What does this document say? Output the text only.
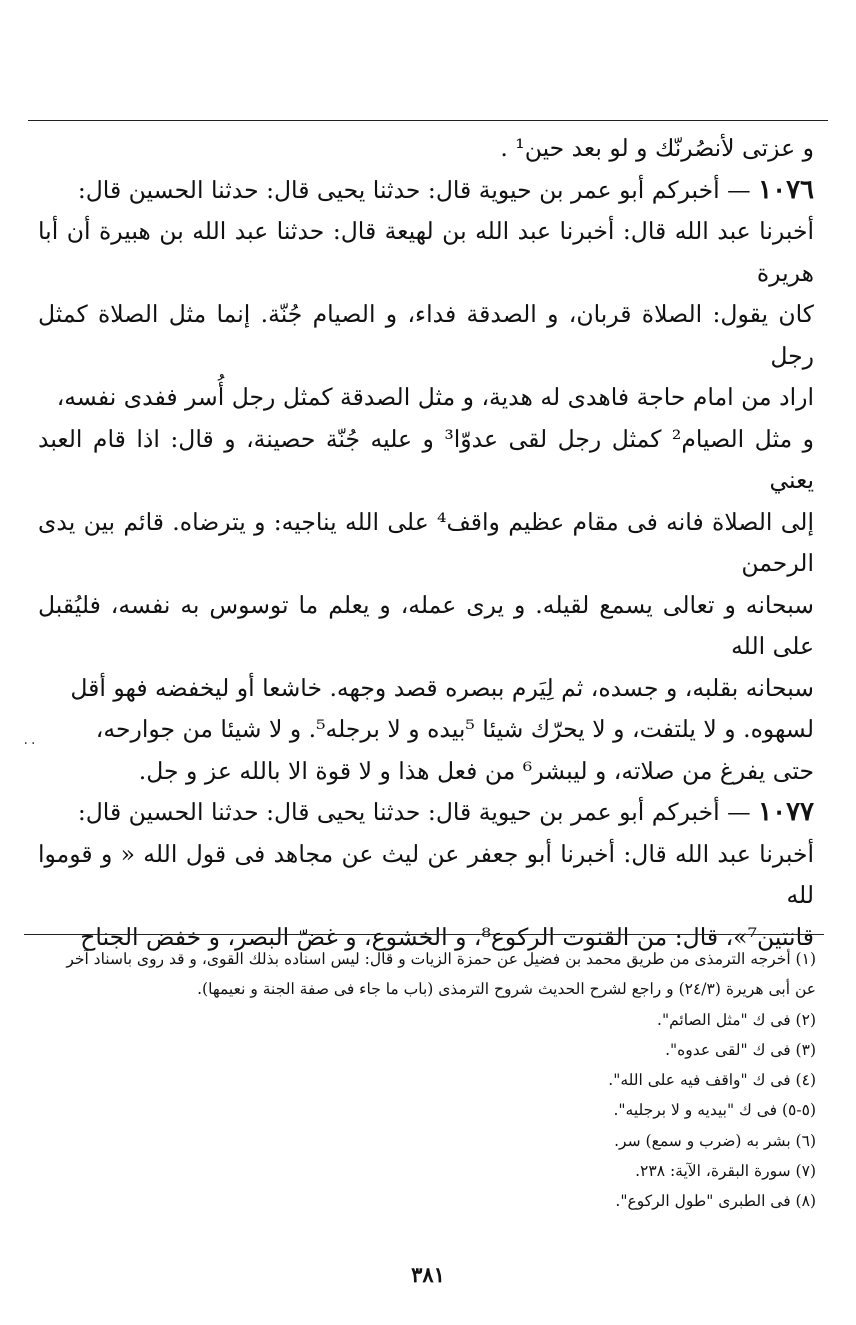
و عزتی لأنصُرنّك و لو بعد حين¹ .

١٠٧٦ — أخبركم أبو عمر بن حيوية قال: حدثنا يحيى قال: حدثنا الحسين قال:

أخبرنا عبد الله قال: أخبرنا عبد الله بن لهيعة قال: حدثنا عبد الله بن هبيرة أن أبا هريرة

كان يقول: الصلاة قربان، و الصدقة فداء، و الصيام جُنّة. إنما مثل الصلاة كمثل رجل

اراد من امام حاجة فاهدى له هدية، و مثل الصدقة كمثل رجل أُسر ففدى نفسه،

و مثل الصيام² كمثل رجل لقى عدوّا³ و عليه جُنّة حصينة، و قال: اذا قام العبد يعني

إلى الصلاة فانه فى مقام عظيم واقف⁴ على الله يناجيه: و يترضاه. قائم بين يدى الرحمن

سبحانه و تعالى يسمع لقيله. و يرى عمله، و يعلم ما توسوس به نفسه، فليُقبل على الله

سبحانه بقلبه، و جسده، ثم لِيَرم ببصره قصد وجهه. خاشعا أو ليخفضه فهو أقل

لسهوه. و لا يلتفت، و لا يحرّك شيئا ⁵بيده و لا برجله⁵. و لا شيئا من جوارحه،

حتى يفرغ من صلاته، و ليبشر⁶ من فعل هذا و لا قوة الا بالله عز و جل.

١٠٧٧ — أخبركم أبو عمر بن حيوية قال: حدثنا يحيى قال: حدثنا الحسين قال:

أخبرنا عبد الله قال: أخبرنا أبو جعفر عن ليث عن مجاهد فى قول الله « و قوموا لله

قانتين⁷»، قال: من القنوت الركوع⁸، و الخشوع، و غضّ البصر، و خفض الجناح

٠٠

(١) أخرجه الترمذى من طريق محمد بن فضيل عن حمزة الزيات و قال: ليس اسناده بذلك القوى، و قد روى باسناد آخر

عن أبى هريرة (٢٤/٣) و راجع لشرح الحديث شروح الترمذى (باب ما جاء فى صفة الجنة و نعيمها).

(٢) فى ك "مثل الصائم".

(٣) فى ك "لقى عدوه".

(٤) فى ك "واقف فيه على الله".

(٥-٥) فى ك "بيديه و لا برجليه".

(٦) بشر به (ضرب و سمع) سر.

(٧) سورة البقرة، الآية: ٢٣٨.

(٨) فى الطبرى "طول الركوع".

٣٨١
